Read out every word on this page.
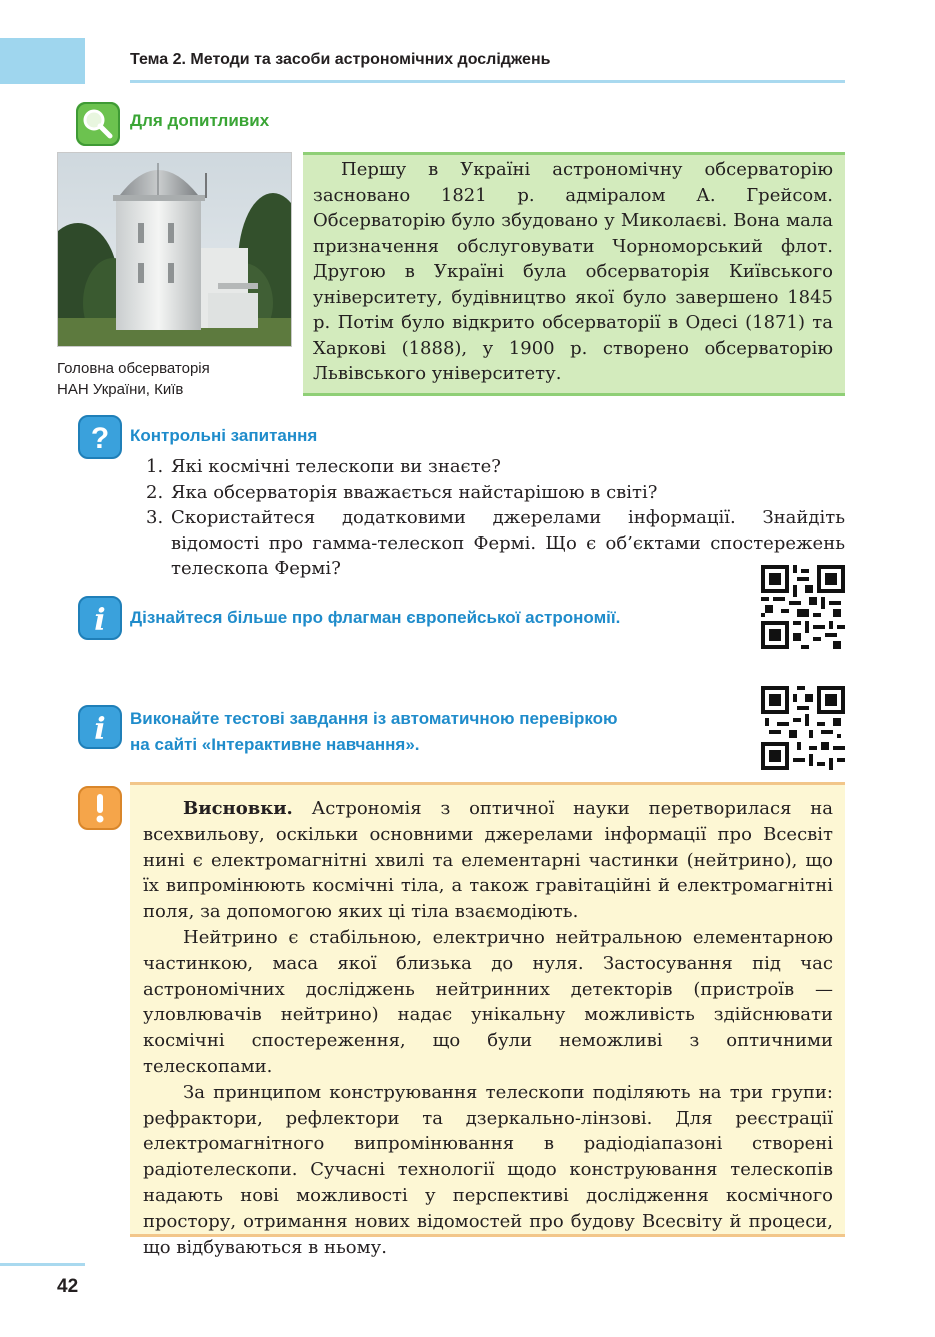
Тема 2. Методи та засоби астрономічних досліджень
Для допитливих
Головна обсерваторія
НАН України, Київ

Першу в Україні астрономічну обсерваторію засновано 1821 р. адміралом А. Грейсом. Обсерваторію було збудовано у Миколаєві. Вона мала призначення обслуговувати Чорноморський флот. Другою в Україні була обсерваторія Київського університету, будівництво якої було завершено 1845 р. Потім було відкрито обсерваторії в Одесі (1871) та Харкові (1888), у 1900 р. створено обсерваторію Львівського університету.

? Контрольні запитання
1. Які космічні телескопи ви знаєте?
2. Яка обсерваторія вважається найстарішою в світі?
3. Скористайтеся додатковими джерелами інформації. Знайдіть відомості про гамма-телескоп Фермі. Що є об’єктами спостережень телескопа Фермі?
i Дізнайтеся більше про флагман європейської астрономії.
i Виконайте тестові завдання із автоматичною перевіркою
на сайті «Інтерактивне навчання».

Висновки. Астрономія з оптичної науки перетворилася на всехвильову, оскільки основними джерелами інформації про Всесвіт нині є електромагнітні хвилі та елементарні частинки (нейтрино), що їх випромінюють космічні тіла, а також гравітаційні й електромагнітні поля, за допомогою яких ці тіла взаємодіють.

Нейтрино є стабільною, електрично нейтральною елементарною частинкою, маса якої близька до нуля. Застосування під час астрономічних досліджень нейтринних детекторів (пристроїв — уловлювачів нейтрино) надає унікальну можливість здійснювати космічні спостереження, що були неможливі з оптичними телескопами.

За принципом конструювання телескопи поділяють на три групи: рефрактори, рефлектори та дзеркально-лінзові. Для реєстрації електромагнітного випромінювання в радіодіапазоні створені радіотелескопи. Сучасні технології щодо конструювання телескопів надають нові можливості у перспективі дослідження космічного простору, отримання нових відомостей про будову Всесвіту й процеси, що відбуваються в ньому.

42
